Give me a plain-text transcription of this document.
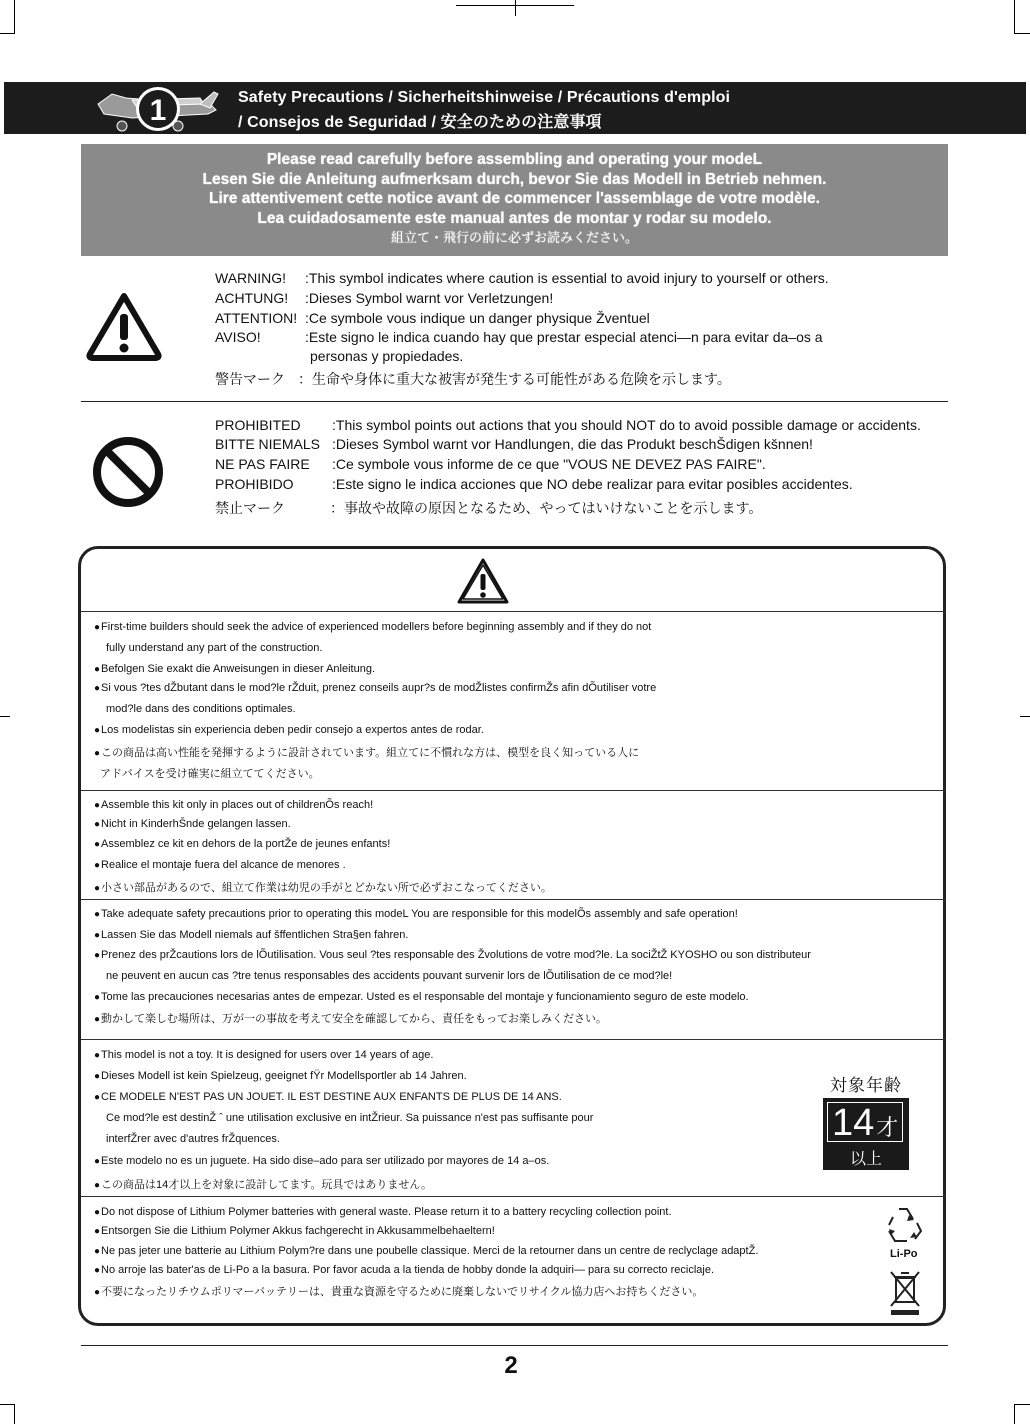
1	Safety Precautions / Sicherheitshinweise / Précautions d'emploi
/ Consejos de Seguridad / 安全のための注意事項
Please read carefully before assembling and operating your modeL
Lesen Sie die Anleitung aufmerksam durch, bevor Sie das Modell in Betrieb nehmen.
Lire attentivement cette notice avant de commencer l'assemblage de votre modèle.
Lea cuidadosamente este manual antes de montar y rodar su modelo.
組立て・飛行の前に必ずお読みください。
WARNING! :This symbol indicates where caution is essential to avoid injury to yourself or others.
ACHTUNG! :Dieses Symbol warnt vor Verletzungen!
ATTENTION! :Ce symbole vous indique un danger physique Žventuel
AVISO!	:Este signo le indica cuando hay que prestar especial atenci—n para evitar da–os a
personas y propiedades.
警告マーク ：生命や身体に重大な被害が発生する可能性がある危険を示します。
PROHIBITED :This symbol points out actions that you should NOT do to avoid possible damage or accidents.
BITTE NIEMALS :Dieses Symbol warnt vor Handlungen, die das Produkt beschŠdigen kšnnen!
NE PAS FAIRE :Ce symbole vous informe de ce que "VOUS NE DEVEZ PAS FAIRE".
PROHIBIDO	:Este signo le indica acciones que NO debe realizar para evitar posibles accidentes.
禁止マーク	：事故や故障の原因となるため、やってはいけないことを示します。
● First-time builders should seek the advice of experienced modellers before beginning assembly and if they do not
fully understand any part of the construction.
● Befolgen Sie exakt die Anweisungen in dieser Anleitung.
● Si vous ?tes dŽbutant dans le mod?le rŽduit, prenez conseils aupr?s de modŽlistes confirmŽs afin dÕutiliser votre
mod?le dans des conditions optimales.
● Los modelistas sin experiencia deben pedir consejo a expertos antes de rodar.
● この商品は高い性能を発揮するように設計されています。組立てに不慣れな方は、模型を良く知っている人に
アドバイスを受け確実に組立ててください。
● Assemble this kit only in places out of childrenÕs reach!
● Nicht in KinderhŠnde gelangen lassen.
● Assemblez ce kit en dehors de la portŽe de jeunes enfants!
● Realice el montaje fuera del alcance de menores .
● 小さい部品があるので、組立て作業は幼児の手がとどかない所で必ずおこなってください。
● Take adequate safety precautions prior to operating this modeL You are responsible for this modelÕs assembly and safe operation!
● Lassen Sie das Modell niemals auf šffentlichen Stra§en fahren.
● Prenez des prŽcautions lors de lÕutilisation. Vous seul ?tes responsable des Žvolutions de votre mod?le. La sociŽtŽ KYOSHO ou son distributeur
ne peuvent en aucun cas ?tre tenus responsables des accidents pouvant survenir lors de lÕutilisation de ce mod?le!
● Tome las precauciones necesarias antes de empezar. Usted es el responsable del montaje y funcionamiento seguro de este modelo.
● 動かして楽しむ場所は、万が一の事故を考えて安全を確認してから、責任をもってお楽しみください。
● This model is not a toy. It is designed for users over 14 years of age.
● Dieses Modell ist kein Spielzeug, geeignet fŸr Modellsportler ab 14 Jahren.
● CE MODELE N'EST PAS UN JOUET. IL EST DESTINE AUX ENFANTS DE PLUS DE 14 ANS.
Ce mod?le est destinŽ ˆ une utilisation exclusive en intŽrieur. Sa puissance n'est pas suffisante pour
interfŽrer avec d'autres frŽquences.
● Este modelo no es un juguete. Ha sido dise–ado para ser utilizado por mayores de 14 a–os.
● この商品は14才以上を対象に設計してます。玩具ではありません。
対象年齢
14才
以上
● Do not dispose of Lithium Polymer batteries with general waste. Please return it to a battery recycling collection point.
● Entsorgen Sie die Lithium Polymer Akkus fachgerecht in Akkusammelbehaeltern!
● Ne pas jeter une batterie au Lithium Polym?re dans une poubelle classique. Merci de la retourner dans un centre de reclyclage adaptŽ.
● No arroje las bater'as de Li-Po a la basura. Por favor acuda a la tienda de hobby donde la adquiri— para su correcto reciclaje.
● 不要になったリチウムポリマーバッテリーは、貴重な資源を守るために廃棄しないでリサイクル協力店へお持ちください。
Li-Po
2
